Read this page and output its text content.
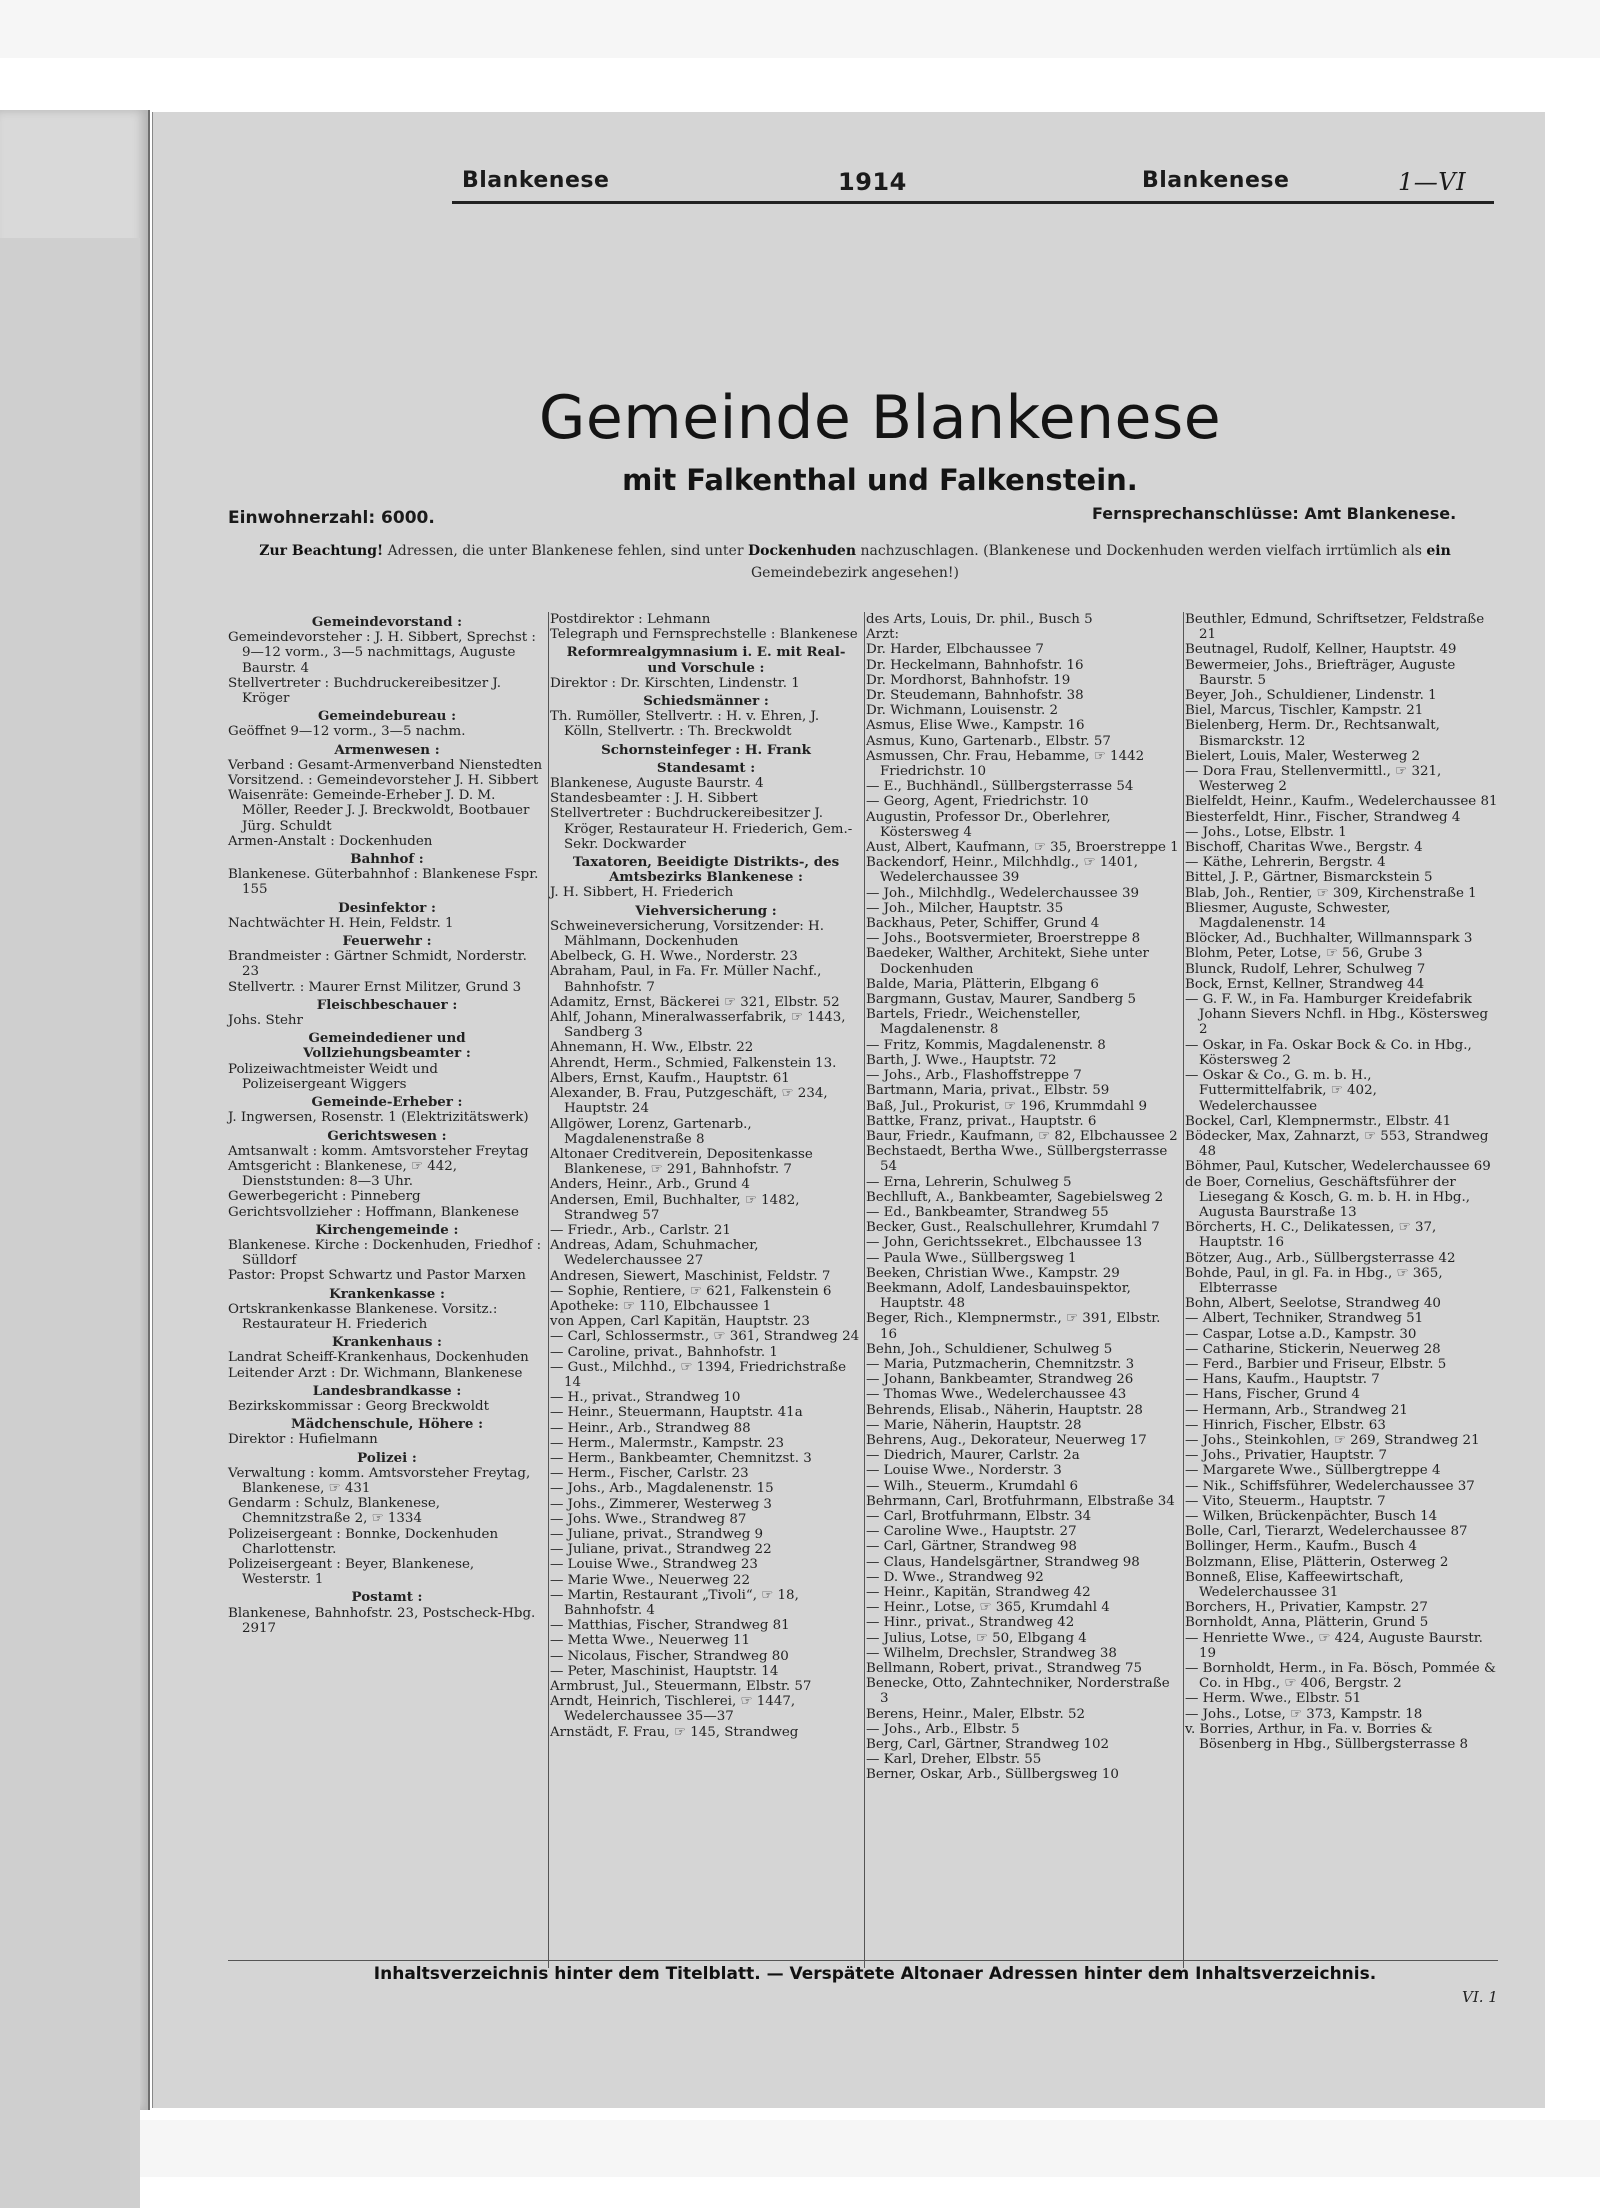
Blankenese	1914	Blankenese	1—VI
Gemeinde Blankenese
mit Falkenthal und Falkenstein.
Einwohnerzahl: 6000.	Fernsprechanschlüsse: Amt Blankenese.
Zur Beachtung! Adressen, die unter Blankenese fehlen, sind unter Dockenhuden nachzuschlagen. (Blankenese und Dockenhuden werden vielfach irrtümlich als ein Gemeindebezirk angesehen!)

Gemeindevorstand :

Gemeindevorsteher : J. H. Sibbert, Sprechst : 9—12 vorm., 3—5 nachmittags, Auguste Baurstr. 4

Stellvertreter : Buchdruckereibesitzer J. Kröger

Gemeindebureau :

Geöffnet 9—12 vorm., 3—5 nachm.

Armenwesen :

Verband : Gesamt-Armenverband Nienstedten

Vorsitzend. : Gemeindevorsteher J. H. Sibbert

Waisenräte: Gemeinde-Erheber J. D. M. Möller, Reeder J. J. Breckwoldt, Bootbauer Jürg. Schuldt

Armen-Anstalt : Dockenhuden

Bahnhof :

Blankenese. Güterbahnhof : Blankenese Fspr. 155

Desinfektor :

Nachtwächter H. Hein, Feldstr. 1

Feuerwehr :

Brandmeister : Gärtner Schmidt, Norderstr. 23

Stellvertr. : Maurer Ernst Militzer, Grund 3

Fleischbeschauer :

Johs. Stehr

Gemeindediener und Vollziehungsbeamter :

Polizeiwachtmeister Weidt und Polizeisergeant Wiggers

Gemeinde-Erheber :

J. Ingwersen, Rosenstr. 1 (Elektrizitätswerk)

Gerichtswesen :

Amtsanwalt : komm. Amtsvorsteher Freytag

Amtsgericht : Blankenese, ☞ 442, Dienststunden: 8—3 Uhr.

Gewerbegericht : Pinneberg

Gerichtsvollzieher : Hoffmann, Blankenese

Kirchengemeinde :

Blankenese. Kirche : Dockenhuden, Friedhof : Sülldorf

Pastor: Propst Schwartz und Pastor Marxen

Krankenkasse :

Ortskrankenkasse Blankenese. Vorsitz.: Restaurateur H. Friederich

Krankenhaus :

Landrat Scheiff-Krankenhaus, Dockenhuden

Leitender Arzt : Dr. Wichmann, Blankenese

Landesbrandkasse :

Bezirkskommissar : Georg Breckwoldt

Mädchenschule, Höhere :

Direktor : Hufielmann

Polizei :

Verwaltung : komm. Amtsvorsteher Freytag, Blankenese, ☞ 431

Gendarm : Schulz, Blankenese, Chemnitzstraße 2, ☞ 1334

Polizeisergeant : Bonnke, Dockenhuden Charlottenstr.

Polizeisergeant : Beyer, Blankenese, Westerstr. 1

Postamt :

Blankenese, Bahnhofstr. 23, Postscheck-Hbg. 2917

Postdirektor : Lehmann

Telegraph und Fernsprechstelle : Blankenese

Reformrealgymnasium i. E. mit Real- und Vorschule :

Direktor : Dr. Kirschten, Lindenstr. 1

Schiedsmänner :

Th. Rumöller, Stellvertr. : H. v. Ehren, J. Kölln, Stellvertr. : Th. Breckwoldt

Schornsteinfeger : H. Frank

Standesamt :

Blankenese, Auguste Baurstr. 4

Standesbeamter : J. H. Sibbert

Stellvertreter : Buchdruckereibesitzer J. Kröger, Restaurateur H. Friederich, Gem.-Sekr. Dockwarder

Taxatoren, Beeidigte Distrikts-, des Amtsbezirks Blankenese :

J. H. Sibbert, H. Friederich

Viehversicherung :

Schweineversicherung, Vorsitzender: H. Mählmann, Dockenhuden

Abelbeck, G. H. Wwe., Norderstr. 23

Abraham, Paul, in Fa. Fr. Müller Nachf., Bahnhofstr. 7

Adamitz, Ernst, Bäckerei ☞ 321, Elbstr. 52

Ahlf, Johann, Mineralwasserfabrik, ☞ 1443, Sandberg 3

Ahnemann, H. Ww., Elbstr. 22

Ahrendt, Herm., Schmied, Falkenstein 13.

Albers, Ernst, Kaufm., Hauptstr. 61

Alexander, B. Frau, Putzgeschäft, ☞ 234, Hauptstr. 24

Allgöwer, Lorenz, Gartenarb., Magdalenenstraße 8

Altonaer Creditverein, Depositenkasse Blankenese, ☞ 291, Bahnhofstr. 7

Anders, Heinr., Arb., Grund 4

Andersen, Emil, Buchhalter, ☞ 1482, Strandweg 57

— Friedr., Arb., Carlstr. 21

Andreas, Adam, Schuhmacher, Wedelerchaussee 27

Andresen, Siewert, Maschinist, Feldstr. 7

— Sophie, Rentiere, ☞ 621, Falkenstein 6

Apotheke: ☞ 110, Elbchaussee 1

von Appen, Carl Kapitän, Hauptstr. 23

— Carl, Schlossermstr., ☞ 361, Strandweg 24

— Caroline, privat., Bahnhofstr. 1

— Gust., Milchhd., ☞ 1394, Friedrichstraße 14

— H., privat., Strandweg 10

— Heinr., Steuermann, Hauptstr. 41a

— Heinr., Arb., Strandweg 88

— Herm., Malermstr., Kampstr. 23

— Herm., Bankbeamter, Chemnitzst. 3

— Herm., Fischer, Carlstr. 23

— Johs., Arb., Magdalenenstr. 15

— Johs., Zimmerer, Westerweg 3

— Johs. Wwe., Strandweg 87

— Juliane, privat., Strandweg 9

— Juliane, privat., Strandweg 22

— Louise Wwe., Strandweg 23

— Marie Wwe., Neuerweg 22

— Martin, Restaurant „Tivoli“, ☞ 18, Bahnhofstr. 4

— Matthias, Fischer, Strandweg 81

— Metta Wwe., Neuerweg 11

— Nicolaus, Fischer, Strandweg 80

— Peter, Maschinist, Hauptstr. 14

Armbrust, Jul., Steuermann, Elbstr. 57

Arndt, Heinrich, Tischlerei, ☞ 1447, Wedelerchaussee 35—37

Arnstädt, F. Frau, ☞ 145, Strandweg

des Arts, Louis, Dr. phil., Busch 5

Arzt:

Dr. Harder, Elbchaussee 7

Dr. Heckelmann, Bahnhofstr. 16

Dr. Mordhorst, Bahnhofstr. 19

Dr. Steudemann, Bahnhofstr. 38

Dr. Wichmann, Louisenstr. 2

Asmus, Elise Wwe., Kampstr. 16

Asmus, Kuno, Gartenarb., Elbstr. 57

Asmussen, Chr. Frau, Hebamme, ☞ 1442 Friedrichstr. 10

— E., Buchhändl., Süllbergsterrasse 54

— Georg, Agent, Friedrichstr. 10

Augustin, Professor Dr., Oberlehrer, Köstersweg 4

Aust, Albert, Kaufmann, ☞ 35, Broerstreppe 1

Backendorf, Heinr., Milchhdlg., ☞ 1401, Wedelerchaussee 39

— Joh., Milchhdlg., Wedelerchaussee 39

— Joh., Milcher, Hauptstr. 35

Backhaus, Peter, Schiffer, Grund 4

— Johs., Bootsvermieter, Broerstreppe 8

Baedeker, Walther, Architekt, Siehe unter Dockenhuden

Balde, Maria, Plätterin, Elbgang 6

Bargmann, Gustav, Maurer, Sandberg 5

Bartels, Friedr., Weichensteller, Magdalenenstr. 8

— Fritz, Kommis, Magdalenenstr. 8

Barth, J. Wwe., Hauptstr. 72

— Johs., Arb., Flashoffstreppe 7

Bartmann, Maria, privat., Elbstr. 59

Baß, Jul., Prokurist, ☞ 196, Krummdahl 9

Battke, Franz, privat., Hauptstr. 6

Baur, Friedr., Kaufmann, ☞ 82, Elbchaussee 2

Bechstaedt, Bertha Wwe., Süllbergsterrasse 54

— Erna, Lehrerin, Schulweg 5

Bechlluft, A., Bankbeamter, Sagebielsweg 2

— Ed., Bankbeamter, Strandweg 55

Becker, Gust., Realschullehrer, Krumdahl 7

— John, Gerichtssekret., Elbchaussee 13

— Paula Wwe., Süllbergsweg 1

Beeken, Christian Wwe., Kampstr. 29

Beekmann, Adolf, Landesbauinspektor, Hauptstr. 48

Beger, Rich., Klempnermstr., ☞ 391, Elbstr. 16

Behn, Joh., Schuldiener, Schulweg 5

— Maria, Putzmacherin, Chemnitzstr. 3

— Johann, Bankbeamter, Strandweg 26

— Thomas Wwe., Wedelerchaussee 43

Behrends, Elisab., Näherin, Hauptstr. 28

— Marie, Näherin, Hauptstr. 28

Behrens, Aug., Dekorateur, Neuerweg 17

— Diedrich, Maurer, Carlstr. 2a

— Louise Wwe., Norderstr. 3

— Wilh., Steuerm., Krumdahl 6

Behrmann, Carl, Brotfuhrmann, Elbstraße 34

— Carl, Brotfuhrmann, Elbstr. 34

— Caroline Wwe., Hauptstr. 27

— Carl, Gärtner, Strandweg 98

— Claus, Handelsgärtner, Strandweg 98

— D. Wwe., Strandweg 92

— Heinr., Kapitän, Strandweg 42

— Heinr., Lotse, ☞ 365, Krumdahl 4

— Hinr., privat., Strandweg 42

— Julius, Lotse, ☞ 50, Elbgang 4

— Wilhelm, Drechsler, Strandweg 38

Bellmann, Robert, privat., Strandweg 75

Benecke, Otto, Zahntechniker, Norderstraße 3

Berens, Heinr., Maler, Elbstr. 52

— Johs., Arb., Elbstr. 5

Berg, Carl, Gärtner, Strandweg 102

— Karl, Dreher, Elbstr. 55

Berner, Oskar, Arb., Süllbergsweg 10

Beuthler, Edmund, Schriftsetzer, Feldstraße 21

Beutnagel, Rudolf, Kellner, Hauptstr. 49

Bewermeier, Johs., Briefträger, Auguste Baurstr. 5

Beyer, Joh., Schuldiener, Lindenstr. 1

Biel, Marcus, Tischler, Kampstr. 21

Bielenberg, Herm. Dr., Rechtsanwalt, Bismarckstr. 12

Bielert, Louis, Maler, Westerweg 2

— Dora Frau, Stellenvermittl., ☞ 321, Westerweg 2

Bielfeldt, Heinr., Kaufm., Wedelerchaussee 81

Biesterfeldt, Hinr., Fischer, Strandweg 4

— Johs., Lotse, Elbstr. 1

Bischoff, Charitas Wwe., Bergstr. 4

— Käthe, Lehrerin, Bergstr. 4

Bittel, J. P., Gärtner, Bismarckstein 5

Blab, Joh., Rentier, ☞ 309, Kirchenstraße 1

Bliesmer, Auguste, Schwester, Magdalenenstr. 14

Blöcker, Ad., Buchhalter, Willmannspark 3

Blohm, Peter, Lotse, ☞ 56, Grube 3

Blunck, Rudolf, Lehrer, Schulweg 7

Bock, Ernst, Kellner, Strandweg 44

— G. F. W., in Fa. Hamburger Kreidefabrik Johann Sievers Nchfl. in Hbg., Köstersweg 2

— Oskar, in Fa. Oskar Bock & Co. in Hbg., Köstersweg 2

— Oskar & Co., G. m. b. H., Futtermittelfabrik, ☞ 402, Wedelerchaussee

Bockel, Carl, Klempnermstr., Elbstr. 41

Bödecker, Max, Zahnarzt, ☞ 553, Strandweg 48

Böhmer, Paul, Kutscher, Wedelerchaussee 69

de Boer, Cornelius, Geschäftsführer der Liesegang & Kosch, G. m. b. H. in Hbg., Augusta Baurstraße 13

Börcherts, H. C., Delikatessen, ☞ 37, Hauptstr. 16

Bötzer, Aug., Arb., Süllbergsterrasse 42

Bohde, Paul, in gl. Fa. in Hbg., ☞ 365, Elbterrasse

Bohn, Albert, Seelotse, Strandweg 40

— Albert, Techniker, Strandweg 51

— Caspar, Lotse a.D., Kampstr. 30

— Catharine, Stickerin, Neuerweg 28

— Ferd., Barbier und Friseur, Elbstr. 5

— Hans, Kaufm., Hauptstr. 7

— Hans, Fischer, Grund 4

— Hermann, Arb., Strandweg 21

— Hinrich, Fischer, Elbstr. 63

— Johs., Steinkohlen, ☞ 269, Strandweg 21

— Johs., Privatier, Hauptstr. 7

— Margarete Wwe., Süllbergtreppe 4

— Nik., Schiffsführer, Wedelerchaussee 37

— Vito, Steuerm., Hauptstr. 7

— Wilken, Brückenpächter, Busch 14

Bolle, Carl, Tierarzt, Wedelerchaussee 87

Bollinger, Herm., Kaufm., Busch 4

Bolzmann, Elise, Plätterin, Osterweg 2

Bonneß, Elise, Kaffeewirtschaft, Wedelerchaussee 31

Borchers, H., Privatier, Kampstr. 27

Bornholdt, Anna, Plätterin, Grund 5

— Henriette Wwe., ☞ 424, Auguste Baurstr. 19

— Bornholdt, Herm., in Fa. Bösch, Pommée & Co. in Hbg., ☞ 406, Bergstr. 2

— Herm. Wwe., Elbstr. 51

— Johs., Lotse, ☞ 373, Kampstr. 18

v. Borries, Arthur, in Fa. v. Borries & Bösenberg in Hbg., Süllbergsterrasse 8

Inhaltsverzeichnis hinter dem Titelblatt. — Verspätete Altonaer Adressen hinter dem Inhaltsverzeichnis.
VI. 1
